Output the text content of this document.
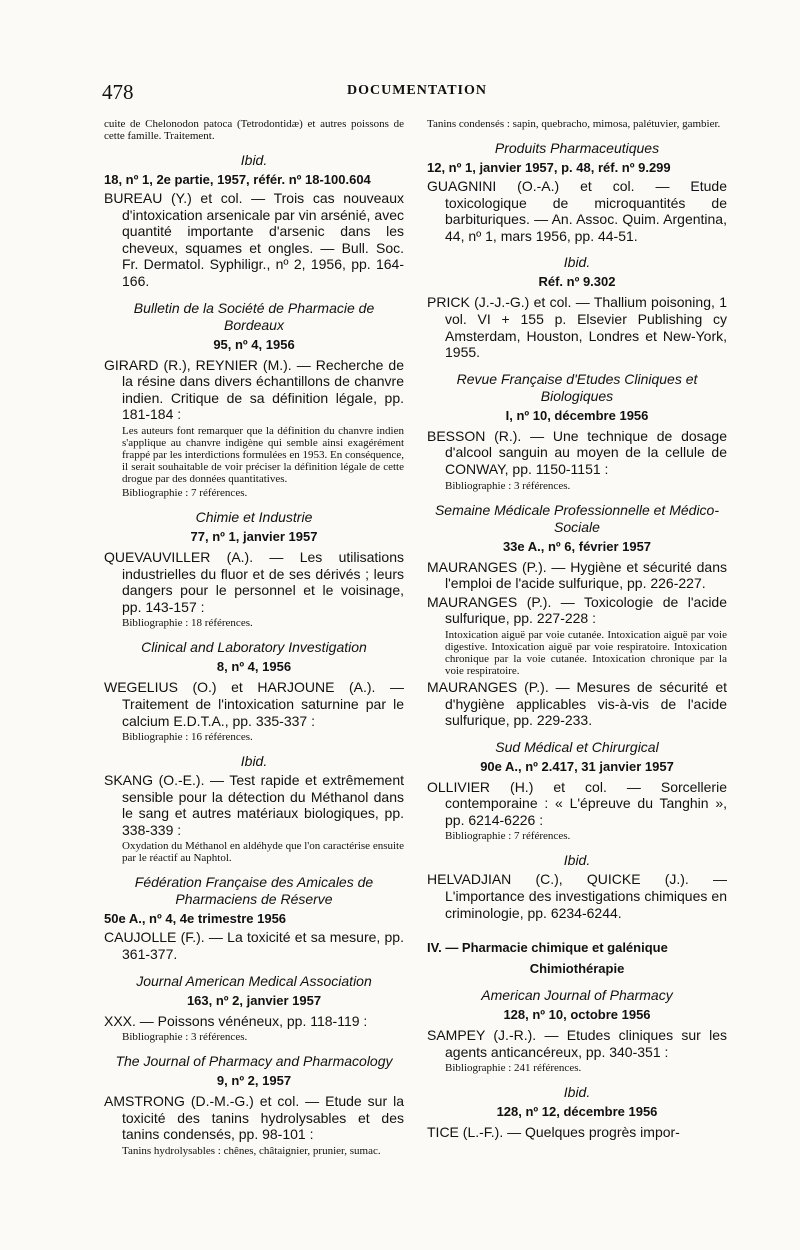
478	DOCUMENTATION
cuite de Chelonodon patoca (Tetrodontidæ) et autres poissons de cette famille. Traitement.
Ibid.
18, nº 1, 2e partie, 1957, référ. nº 18-100.604
BUREAU (Y.) et col. — Trois cas nouveaux d'intoxication arsenicale par vin arsénié, avec quantité importante d'arsenic dans les cheveux, squames et ongles. — Bull. Soc. Fr. Dermatol. Syphiligr., nº 2, 1956, pp. 164-166.
Bulletin de la Société de Pharmacie de Bordeaux
95, nº 4, 1956
GIRARD (R.), REYNIER (M.). — Recherche de la résine dans divers échantillons de chanvre indien. Critique de sa définition légale, pp. 181-184 :
Les auteurs font remarquer que la définition du chanvre indien s'applique au chanvre indigène qui semble ainsi exagérément frappé par les interdictions formulées en 1953. En conséquence, il serait souhaitable de voir préciser la définition légale de cette drogue par des données quantitatives.
Bibliographie : 7 références.
Chimie et Industrie
77, nº 1, janvier 1957
QUEVAUVILLER (A.). — Les utilisations industrielles du fluor et de ses dérivés ; leurs dangers pour le personnel et le voisinage, pp. 143-157 :
Bibliographie : 18 références.
Clinical and Laboratory Investigation
8, nº 4, 1956
WEGELIUS (O.) et HARJOUNE (A.). — Traitement de l'intoxication saturnine par le calcium E.D.T.A., pp. 335-337 :
Bibliographie : 16 références.
Ibid.
SKANG (O.-E.). — Test rapide et extrêmement sensible pour la détection du Méthanol dans le sang et autres matériaux biologiques, pp. 338-339 :
Oxydation du Méthanol en aldéhyde que l'on caractérise ensuite par le réactif au Naphtol.
Fédération Française des Amicales de Pharmaciens de Réserve
50e A., nº 4, 4e trimestre 1956
CAUJOLLE (F.). — La toxicité et sa mesure, pp. 361-377.
Journal American Medical Association
163, nº 2, janvier 1957
XXX. — Poissons vénéneux, pp. 118-119 :
Bibliographie : 3 références.
The Journal of Pharmacy and Pharmacology
9, nº 2, 1957
AMSTRONG (D.-M.-G.) et col. — Etude sur la toxicité des tanins hydrolysables et des tanins condensés, pp. 98-101 :
Tanins hydrolysables : chênes, châtaignier, prunier, sumac.
Tanins condensés : sapin, quebracho, mimosa, palétuvier, gambier.
Produits Pharmaceutiques
12, nº 1, janvier 1957, p. 48, réf. nº 9.299
GUAGNINI (O.-A.) et col. — Etude toxicologique de microquantités de barbituriques. — An. Assoc. Quim. Argentina, 44, nº 1, mars 1956, pp. 44-51.
Ibid.
Réf. nº 9.302
PRICK (J.-J.-G.) et col. — Thallium poisoning, 1 vol. VI + 155 p. Elsevier Publishing cy Amsterdam, Houston, Londres et New-York, 1955.
Revue Française d'Etudes Cliniques et Biologiques
I, nº 10, décembre 1956
BESSON (R.). — Une technique de dosage d'alcool sanguin au moyen de la cellule de CONWAY, pp. 1150-1151 :
Bibliographie : 3 références.
Semaine Médicale Professionnelle et Médico-Sociale
33e A., nº 6, février 1957
MAURANGES (P.). — Hygiène et sécurité dans l'emploi de l'acide sulfurique, pp. 226-227.
MAURANGES (P.). — Toxicologie de l'acide sulfurique, pp. 227-228 :
Intoxication aiguë par voie cutanée. Intoxication aiguë par voie digestive. Intoxication aiguë par voie respiratoire. Intoxication chronique par la voie cutanée. Intoxication chronique par la voie respiratoire.
MAURANGES (P.). — Mesures de sécurité et d'hygiène applicables vis-à-vis de l'acide sulfurique, pp. 229-233.
Sud Médical et Chirurgical
90e A., nº 2.417, 31 janvier 1957
OLLIVIER (H.) et col. — Sorcellerie contemporaine : « L'épreuve du Tanghin », pp. 6214-6226 :
Bibliographie : 7 références.
Ibid.
HELVADJIAN (C.), QUICKE (J.). — L'importance des investigations chimiques en criminologie, pp. 6234-6244.
IV. — Pharmacie chimique et galénique
Chimiothérapie
American Journal of Pharmacy
128, nº 10, octobre 1956
SAMPEY (J.-R.). — Etudes cliniques sur les agents anticancéreux, pp. 340-351 :
Bibliographie : 241 références.
Ibid.
128, nº 12, décembre 1956
TICE (L.-F.). — Quelques progrès impor-
